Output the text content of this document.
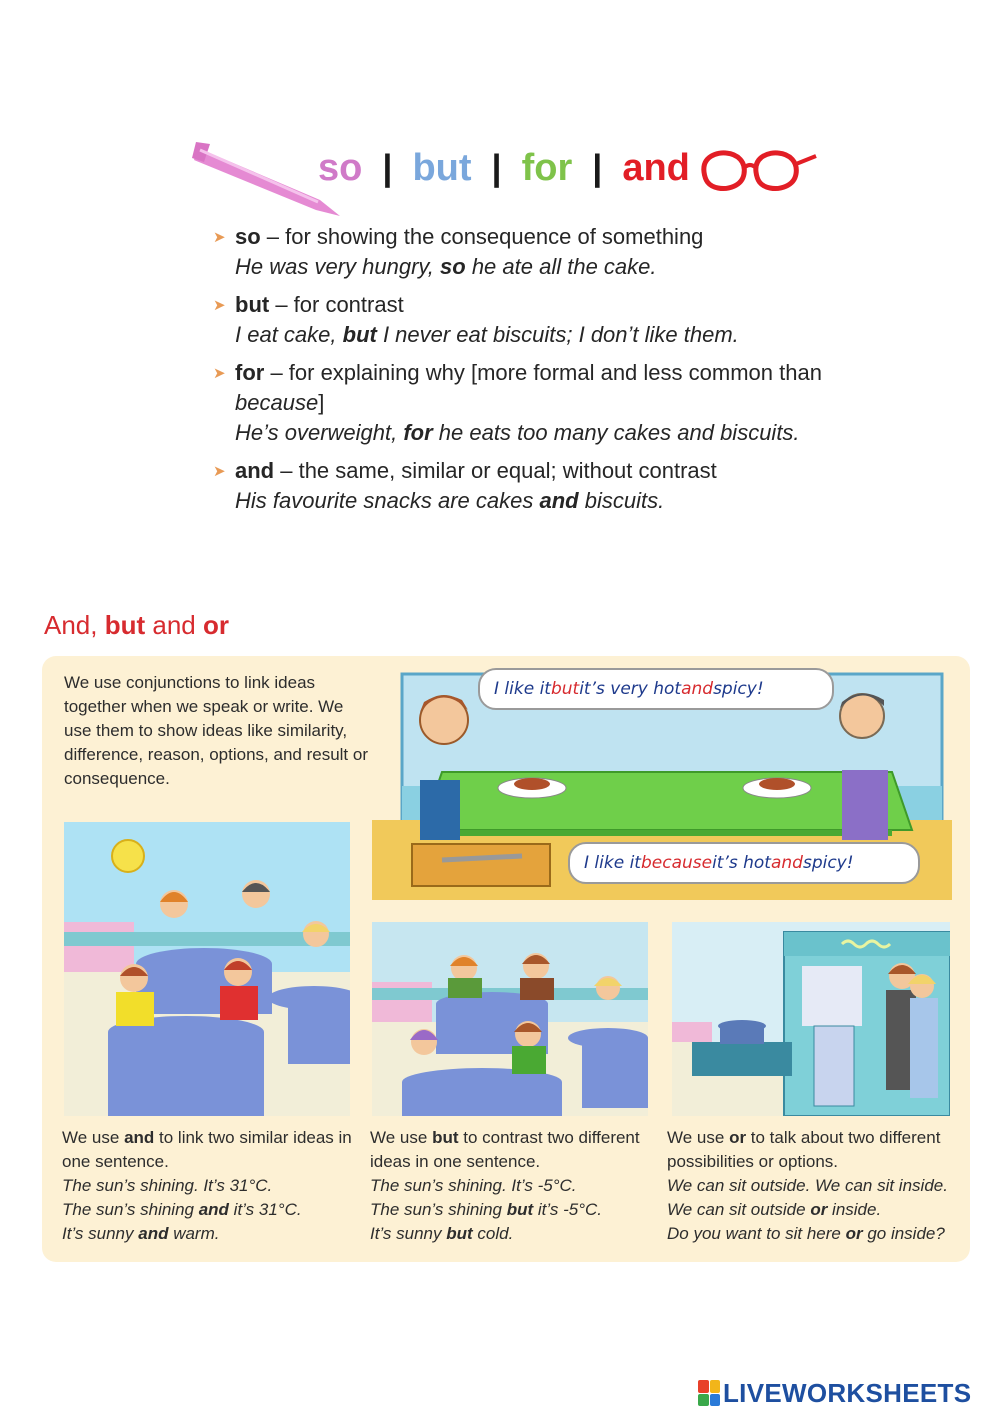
so | but | for | and
➤ so – for showing the consequence of something
He was very hungry, so he ate all the cake.
➤ but – for contrast
I eat cake, but I never eat biscuits; I don’t like them.
➤ for – for explaining why [more formal and less common than because]
He’s overweight, for he eats too many cakes and biscuits.
➤ and – the same, similar or equal; without contrast
His favourite snacks are cakes and biscuits.
And, but and or
We use conjunctions to link ideas together when we speak or write. We use them to show ideas like similarity, difference, reason, options, and result or consequence.
I like it but it’s very hot and spicy!
I like it because it’s hot and spicy!
We use and to link two similar ideas in one sentence.
The sun’s shining. It’s 31°C.
The sun’s shining and it’s 31°C.
It’s sunny and warm.
We use but to contrast two different ideas in one sentence.
The sun’s shining. It’s -5°C.
The sun’s shining but it’s -5°C.
It’s sunny but cold.
We use or to talk about two different possibilities or options.
We can sit outside. We can sit inside.
We can sit outside or inside.
Do you want to sit here or go inside?
LIVEWORKSHEETS
